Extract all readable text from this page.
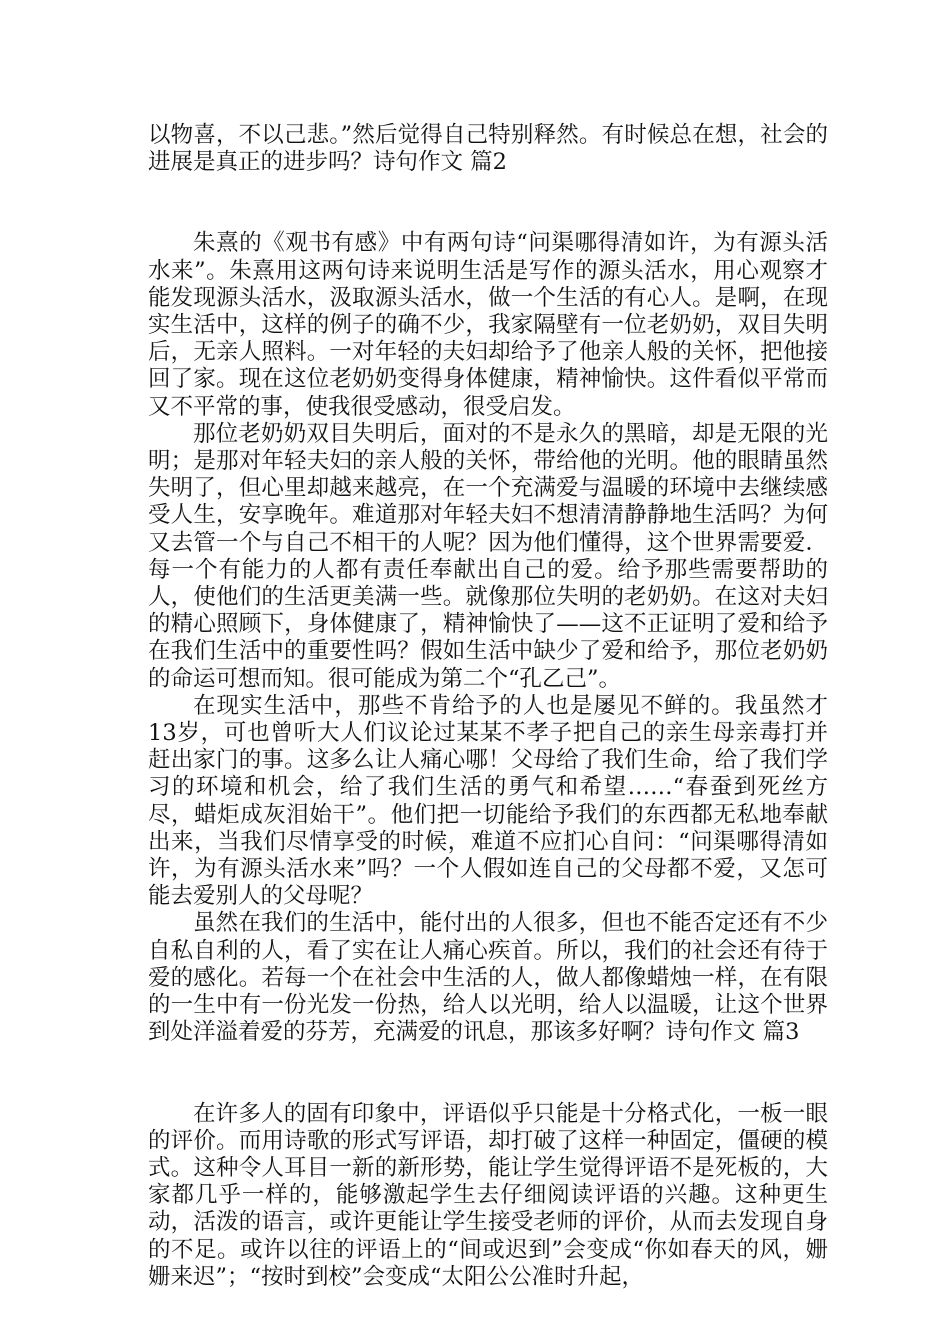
以物喜，不以己悲。”然后觉得自己特别释然。有时候总在想，社会的进展是真正的进步吗？诗句作文 篇2

朱熹的《观书有感》中有两句诗“问渠哪得清如许，为有源头活水来”。朱熹用这两句诗来说明生活是写作的源头活水，用心观察才能发现源头活水，汲取源头活水，做一个生活的有心人。是啊，在现实生活中，这样的例子的确不少，我家隔壁有一位老奶奶，双目失明后，无亲人照料。一对年轻的夫妇却给予了他亲人般的关怀，把他接回了家。现在这位老奶奶变得身体健康，精神愉快。这件看似平常而又不平常的事，使我很受感动，很受启发。

那位老奶奶双目失明后，面对的不是永久的黑暗，却是无限的光明；是那对年轻夫妇的亲人般的关怀，带给他的光明。他的眼睛虽然失明了，但心里却越来越亮，在一个充满爱与温暖的环境中去继续感受人生，安享晚年。难道那对年轻夫妇不想清清静静地生活吗？为何又去管一个与自己不相干的人呢？因为他们懂得，这个世界需要爱．每一个有能力的人都有责任奉献出自己的爱。给予那些需要帮助的人，使他们的生活更美满一些。就像那位失明的老奶奶。在这对夫妇的精心照顾下，身体健康了，精神愉快了——这不正证明了爱和给予在我们生活中的重要性吗？假如生活中缺少了爱和给予，那位老奶奶的命运可想而知。很可能成为第二个“孔乙己”。

在现实生活中，那些不肯给予的人也是屡见不鲜的。我虽然才13岁，可也曾听大人们议论过某某不孝子把自己的亲生母亲毒打并赶出家门的事。这多么让人痛心哪！父母给了我们生命，给了我们学习的环境和机会，给了我们生活的勇气和希望……“春蚕到死丝方尽，蜡炬成灰泪始干”。他们把一切能给予我们的东西都无私地奉献出来，当我们尽情享受的时候，难道不应扪心自问：“问渠哪得清如许，为有源头活水来”吗？一个人假如连自己的父母都不爱，又怎可能去爱别人的父母呢？

虽然在我们的生活中，能付出的人很多，但也不能否定还有不少自私自利的人，看了实在让人痛心疾首。所以，我们的社会还有待于爱的感化。若每一个在社会中生活的人，做人都像蜡烛一样，在有限的一生中有一份光发一份热，给人以光明，给人以温暖，让这个世界到处洋溢着爱的芬芳，充满爱的讯息，那该多好啊？诗句作文 篇3

在许多人的固有印象中，评语似乎只能是十分格式化，一板一眼的评价。而用诗歌的形式写评语，却打破了这样一种固定，僵硬的模式。这种令人耳目一新的新形势，能让学生觉得评语不是死板的，大家都几乎一样的，能够激起学生去仔细阅读评语的兴趣。这种更生动，活泼的语言，或许更能让学生接受老师的评价，从而去发现自身的不足。或许以往的评语上的“间或迟到”会变成“你如春天的风，姗姗来迟”；“按时到校”会变成“太阳公公准时升起，
